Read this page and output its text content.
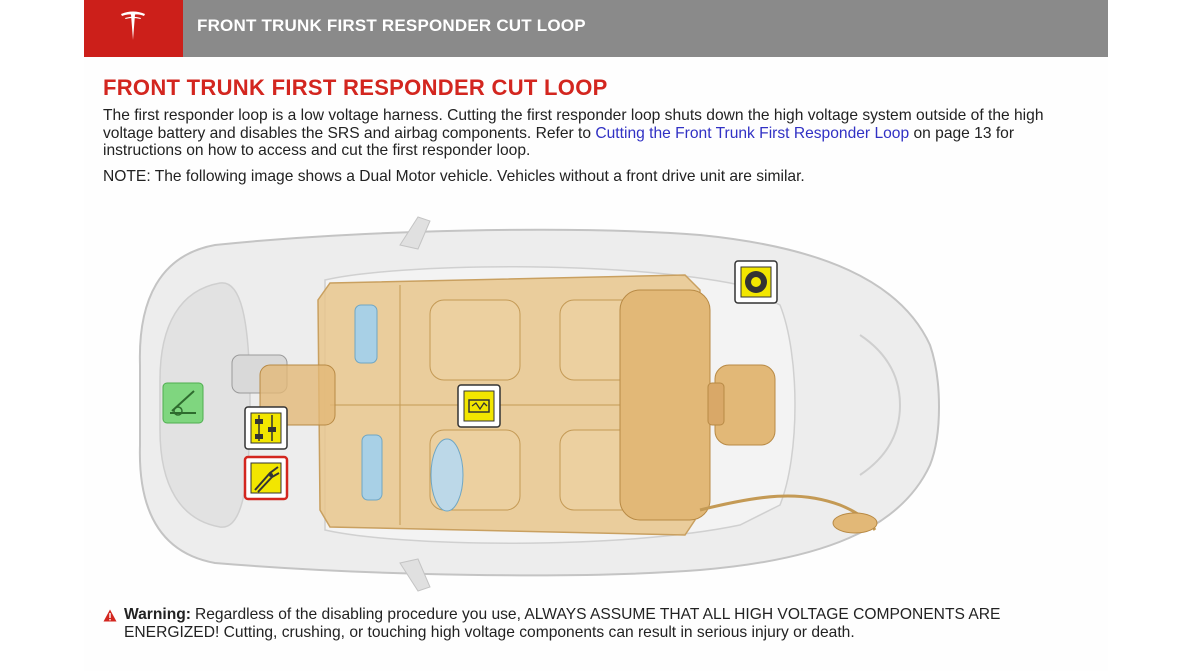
FRONT TRUNK FIRST RESPONDER CUT LOOP
FRONT TRUNK FIRST RESPONDER CUT LOOP
The first responder loop is a low voltage harness. Cutting the first responder loop shuts down the high voltage system outside of the high voltage battery and disables the SRS and airbag components. Refer to Cutting the Front Trunk First Responder Loop on page 13 for instructions on how to access and cut the first responder loop.
NOTE: The following image shows a Dual Motor vehicle. Vehicles without a front drive unit are similar.
Warning: Regardless of the disabling procedure you use, ALWAYS ASSUME THAT ALL HIGH VOLTAGE COMPONENTS ARE ENERGIZED! Cutting, crushing, or touching high voltage components can result in serious injury or death.
